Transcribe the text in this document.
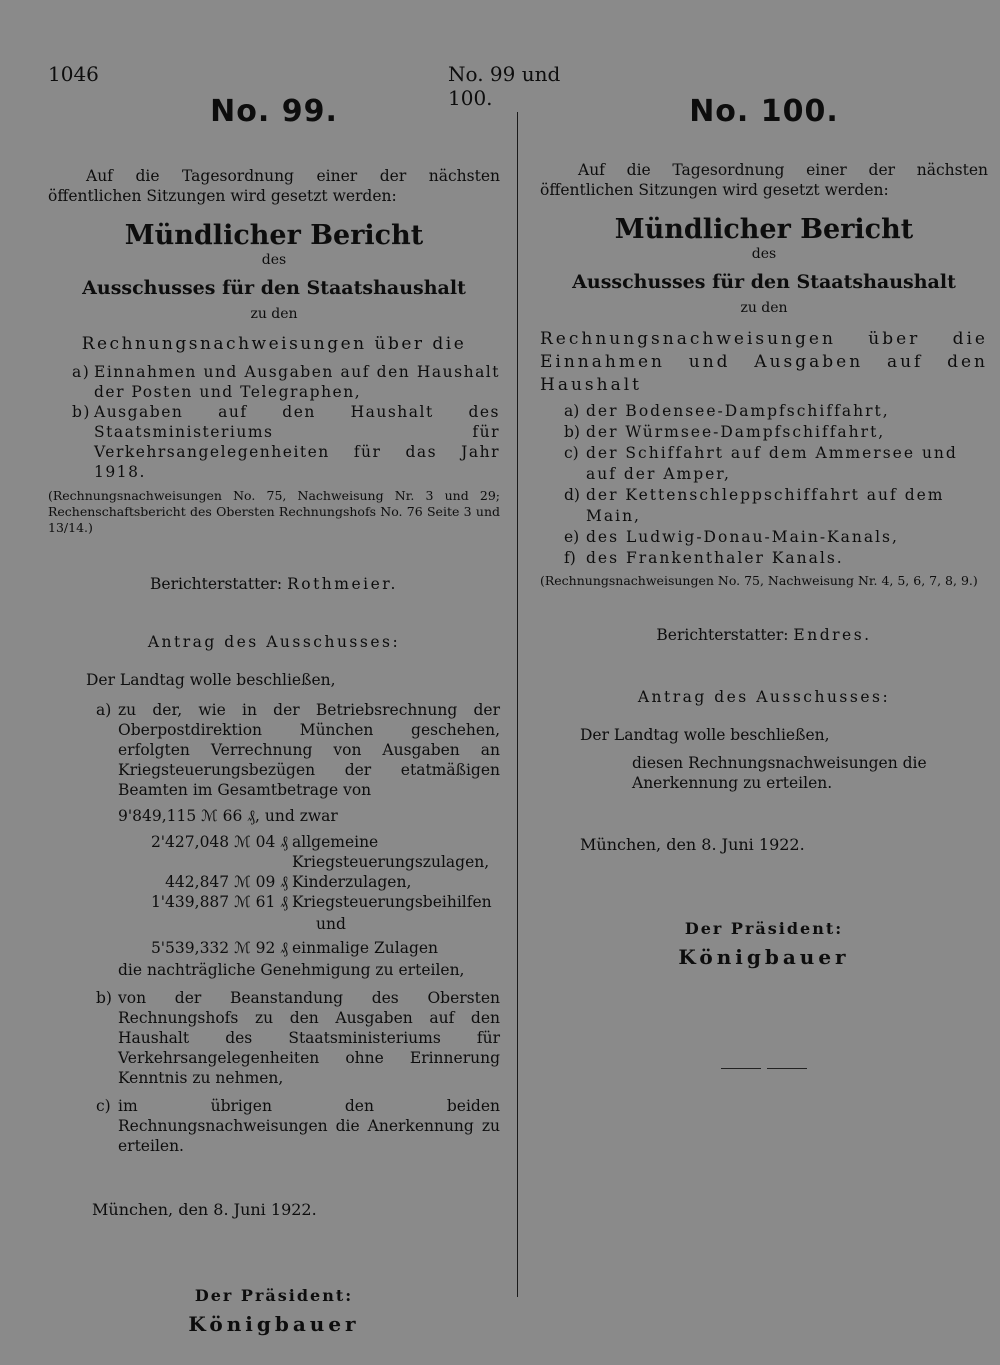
1046	No. 99 und 100.
No. 99.
Auf die Tagesordnung einer der nächsten öffentlichen Sitzungen wird gesetzt werden:
Mündlicher Bericht
des
Ausschusses für den Staatshaushalt
zu den
Rechnungsnachweisungen über die
a) Einnahmen und Ausgaben auf den Haushalt der Posten und Telegraphen,
b) Ausgaben auf den Haushalt des Staatsministeriums für Verkehrsangelegenheiten für das Jahr 1918.
(Rechnungsnachweisungen No. 75, Nachweisung Nr. 3 und 29; Rechenschaftsbericht des Obersten Rechnungshofs No. 76 Seite 3 und 13/14.)
Berichterstatter: Rothmeier.
Antrag des Ausschusses:
Der Landtag wolle beschließen,
a) zu der, wie in der Betriebsrechnung der Oberpostdirektion München geschehen, erfolgten Verrechnung von Ausgaben an Kriegsteuerungsbezügen der etatmäßigen Beamten im Gesamtbetrage von
9'849,115 ℳ 66 ₰, und zwar
2'427,048 ℳ 04 ₰ allgemeine Kriegsteuerungszulagen,
442,847 ℳ 09 ₰ Kinderzulagen,
1'439,887 ℳ 61 ₰ Kriegsteuerungsbeihilfen
und
5'539,332 ℳ 92 ₰ einmalige Zulagen
die nachträgliche Genehmigung zu erteilen,
b) von der Beanstandung des Obersten Rechnungshofs zu den Ausgaben auf den Haushalt des Staatsministeriums für Verkehrsangelegenheiten ohne Erinnerung Kenntnis zu nehmen,
c) im übrigen den beiden Rechnungsnachweisungen die Anerkennung zu erteilen.
München, den 8. Juni 1922.
Der Präsident:
Königbauer
No. 100.
Auf die Tagesordnung einer der nächsten öffentlichen Sitzungen wird gesetzt werden:
Mündlicher Bericht
des
Ausschusses für den Staatshaushalt
zu den
Rechnungsnachweisungen über die Einnahmen und Ausgaben auf den Haushalt
a) der Bodensee-Dampfschiffahrt,
b) der Würmsee-Dampfschiffahrt,
c) der Schiffahrt auf dem Ammersee und auf der Amper,
d) der Kettenschleppschiffahrt auf dem Main,
e) des Ludwig-Donau-Main-Kanals,
f) des Frankenthaler Kanals.
(Rechnungsnachweisungen No. 75, Nachweisung Nr. 4, 5, 6, 7, 8, 9.)
Berichterstatter: Endres.
Antrag des Ausschusses:
Der Landtag wolle beschließen,
diesen Rechnungsnachweisungen die Anerkennung zu erteilen.
München, den 8. Juni 1922.
Der Präsident:
Königbauer
